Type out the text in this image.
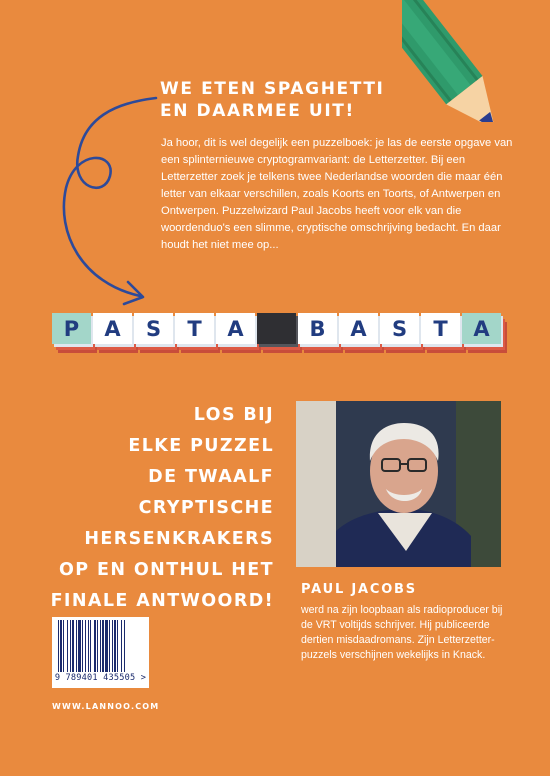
WE ETEN SPAGHETTI
EN DAARMEE UIT!

Ja hoor, dit is wel degelijk een puzzelboek: je las de eerste opgave van een splinternieuwe cryptogramvariant: de Letterzetter. Bij een Letterzetter zoek je telkens twee Nederlandse woorden die maar één letter van elkaar verschillen, zoals Koorts en Toorts, of Antwerpen en Ontwerpen. Puzzelwizard Paul Jacobs heeft voor elk van die woordenduo's een slimme, cryptische omschrijving bedacht. En daar houdt het niet mee op...

P A S T A	B A S T A
LOS BIJ
ELKE PUZZEL
DE TWAALF
CRYPTISCHE
HERSENKRAKERS
OP EN ONTHUL HET
FINALE ANTWOORD!
PAUL JACOBS

werd na zijn loopbaan als radioproducer bij de VRT voltijds schrijver. Hij publiceerde dertien misdaadromans. Zijn Letterzetter-puzzels verschijnen wekelijks in Knack.

9 789401 435505 >
WWW.LANNOO.COM
